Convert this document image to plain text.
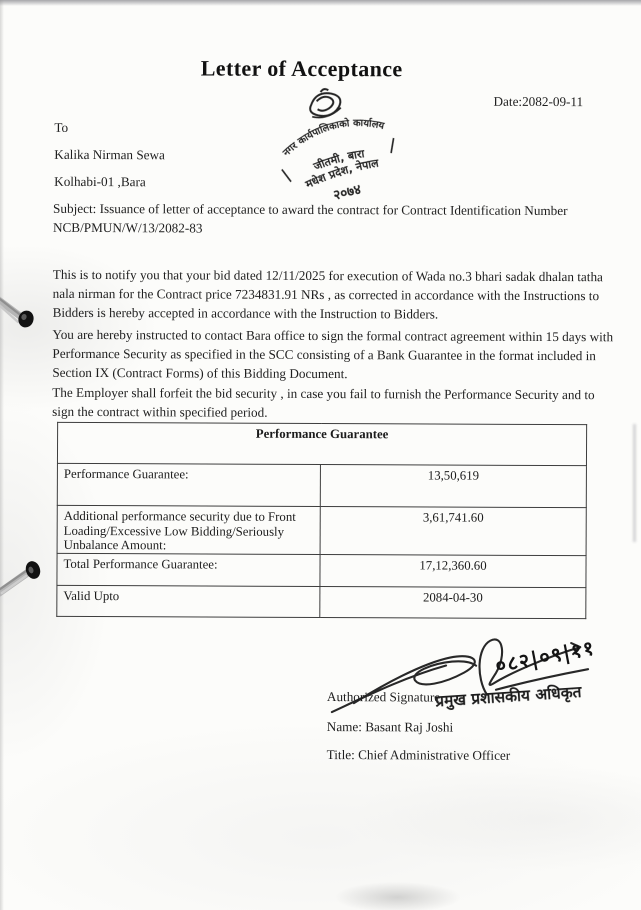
Letter of Acceptance
Date:2082-09-11
नगर कार्यपालिकाको कार्यालय
जीतमी, बारा
मधेश प्रदेश, नेपाल
२०७४
To
Kalika Nirman Sewa
Kolhabi-01 ,Bara
Subject: Issuance of letter of acceptance to award the contract for Contract Identification Number NCB/PMUN/W/13/2082-83
This is to notify you that your bid dated 12/11/2025 for execution of Wada no.3 bhari sadak dhalan tatha nala nirman for the Contract price 7234831.91 NRs , as corrected in accordance with the Instructions to Bidders is hereby accepted in accordance with the Instruction to Bidders.
You are hereby instructed to contact Bara office to sign the formal contract agreement within 15 days with Performance Security as specified in the SCC consisting of a Bank Guarantee in the format included in Section IX (Contract Forms) of this Bidding Document.
The Employer shall forfeit the bid security , in case you fail to furnish the Performance Security and to sign the contract within specified period.
Performance Guarantee	
Performance Guarantee:	13,50,619
Additional performance security due to Front Loading/Excessive Low Bidding/Seriously Unbalance Amount:	3,61,741.60
Total Performance Guarantee:	17,12,360.60
Valid Upto	2084-04-30
०८२|०९|११
प्रमुख प्रशासकीय अधिकृत
Authorized Signature
Name: Basant Raj Joshi
Title: Chief Administrative Officer
